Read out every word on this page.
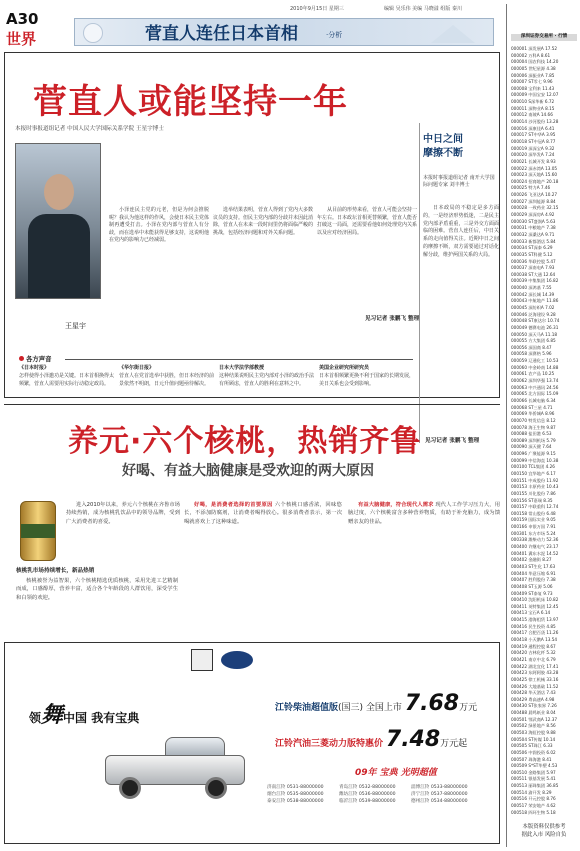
A30
世界
2010年9月15日 星期三	编辑 吴乐伟 美编 马晓溢 组版 秦川
菅直人连任日本首相	·分析
菅直人或能坚持一年
本报时事报道组记者 中国人民大学国际关系学院 王星宇博士
王星宇
小泽连民主党的元老，但是为何会推脱呢？我认为他这样的作风，会使日本民主党体制再遭受打击。小泽在党内部与菅直人有分歧，而在选举中未能获得足够支持，这说明他在党内的影响力已经减弱。
选举结果表明，菅直人得到了党内大多数议员的支持。但民主党内部的分歧并未因此消除，菅直人在未来一段时间里仍将面临严峻的挑战，包括经济问题和对外关系问题。
从目前的形势来看，菅直人可能会坚持一年左右。日本政坛首相更替频繁，菅直人能否打破这一局面，还需要看他如何处理党内关系以及应对经济困局。
见习记者 张鹏飞 整理
中日之间
摩擦不断
本报时事报道组记者 南开大学国际问题专家 刘丰博士
日本政局的不稳定是多方面的，一是经济形势低迷，二是民主党内部矛盾重重，三是外交方面面临的困难。菅直人连任后，中日关系的走向值得关注。近期中日之间的摩擦不断，双方需要通过对话化解分歧，维护两国关系的大局。
见习记者 张鹏飞 整理
各方声音
《日本时报》
怎样使得小泽邀功是关键。日本首相换得太频繁，菅直人需要用实际行动稳定政局。
《华尔街日报》
菅直人在党首选举中获胜，但日本经济的前景依然不明朗，日元升值问题亟待解决。
日本大学法学部教授
这种结果说明民主党内部对小泽的政治手法有所顾虑，菅直人的胜利在意料之中。
美国企业研究所研究员
日本首相频繁更换不利于国家的长期发展，美日关系也会受到影响。
养元·六个核桃，热销齐鲁
好喝、有益大脑健康是受欢迎的两大原因
进入2010年以来，养元六个核桃在齐鲁市场持续热销，成为核桃乳饮品中的领导品牌，受到广大消费者的喜爱。
核桃乳市场持续增长，新品热销
核桃被誉为益智果，六个核桃精选优质核桃，采用先进工艺精制而成，口感醇厚，营养丰富，适合各个年龄段的人群饮用，深受学生和白领的欢迎。
好喝，是消费者选择的首要原因 六个核桃口感香浓，回味悠长，不添加防腐剂，让消费者喝得放心。很多消费者表示，第一次喝就喜欢上了这种味道。
有益大脑健康，符合现代人需求 现代人工作学习压力大，用脑过度，六个核桃富含多种营养物质，有助于补充脑力，成为馈赠亲友的佳品。
领舞中国 我有宝典
江铃柴油超值版(国三) 全国上市 7.68万元
江铃汽油三菱动力版特惠价 7.48万元起
09年 宝典 光明超值
济南江铃 0531-88000000	青岛江铃 0532-88000000	淄博江铃 0533-88000000烟台江铃 0535-88000000	潍坊江铃 0536-88000000	济宁江铃 0537-88000000泰安江铃 0538-88000000	临沂江铃 0539-88000000	德州江铃 0534-88000000
深圳证券交易所 · 行情
000001 深发展A 17.52
000002 万科A 8.61
000004 国农科技 14.20
000005 世纪星源 4.38
000006 深振业A 7.85
000007 ST零七 9.96
000008 宝利来 11.43
000009 中国宝安 12.07
000010 S深华新 6.72
000011 深物业A 8.15
000012 南玻A 14.66
000014 沙河股份 13.28
000016 深康佳A 6.41
000017 ST中华A 3.95
000018 ST中冠A 8.77
000019 深深宝A 9.32
000020 深华发A 7.24
000021 长城开发 8.93
000022 深赤湾A 13.05
000023 深天地A 15.60
000024 招商地产 20.18
000025 特力A 7.46
000026 飞亚达A 10.27
000027 深圳能源 8.84
000028 一致药业 32.15
000029 深深房A 4.92
000030 ST盛润A 5.63
000031 中粮地产 7.38
000032 深桑达A 9.71
000033 新都酒店 5.84
000034 ST深泰 6.29
000035 ST科健 5.12
000036 华联控股 5.47
000037 深南电A 7.93
000038 ST大通 12.64
000039 中集集团 16.82
000040 深鸿基 7.55
000042 深长城 14.39
000043 中航地产 11.86
000045 深纺织A 7.02
000046 泛海建设 9.28
000048 ST康达尔 10.74
000049 德赛电池 26.31
000050 深天马A 11.18
000055 方大集团 6.85
000056 深国商 8.47
000058 深赛格 5.96
000059 辽通化工 10.53
000060 中金岭南 14.88
000061 农产品 10.25
000062 深圳华强 13.74
000063 中兴通讯 24.56
000065 北方国际 15.09
000066 长城电脑 6.34
000068 ST三星 4.71
000069 华侨城A 8.96
000070 特发信息 8.12
000078 海王生物 9.87
000088 盐田港 6.53
000089 深圳机场 5.79
000090 深天健 7.64
000096 广聚能源 9.15
000099 中信海直 10.38
000100 TCL集团 4.26
000150 宜华地产 6.17
000151 中成股份 11.92
000153 丰原药业 10.43
000155 川化股份 7.86
000156 ST嘉瑞 8.35
000157 中联重科 12.74
000158 常山股份 6.48
000159 国际实业 9.05
000166 申银万国 7.91
000301 东方市场 5.24
000338 潍柴动力 52.36
000400 许继电气 23.17
000401 冀东水泥 14.52
000402 金融街 8.27
000403 ST生化 17.63
000404 华意压缩 6.91
000407 胜利股份 7.38
000408 ST玉源 5.06
000409 ST泰复 9.73
000410 沈阳机床 10.82
000411 英特集团 12.45
000413 宝石A 6.14
000415 渤海租赁 13.97
000416 民生投资 4.85
000417 合肥百货 11.26
000418 小天鹅A 13.54
000419 通程控股 8.67
000420 吉林化纤 5.32
000421 南京中北 6.79
000422 湖北宜化 17.41
000423 东阿阿胶 43.28
000425 徐工机械 33.16
000426 大地基础 11.52
000428 华天酒店 7.43
000429 粤高速A 4.98
000430 ST张家界 7.26
000488 晨鸣纸业 8.04
000501 鄂武商A 12.37
000502 绿景地产 8.56
000503 海虹控股 9.88
000504 ST传媒 10.14
000505 ST珠江 6.33
000506 中润投资 6.02
000507 珠海港 8.41
000509 S*ST华塑 4.53
000510 金路集团 5.97
000511 银基发展 5.41
000513 丽珠集团 36.85
000514 渝开发 8.29
000516 开元控股 8.76
000517 荣安地产 4.62
000518 四环生物 5.18
本版资料仅供参考
据此入市 风险自负
